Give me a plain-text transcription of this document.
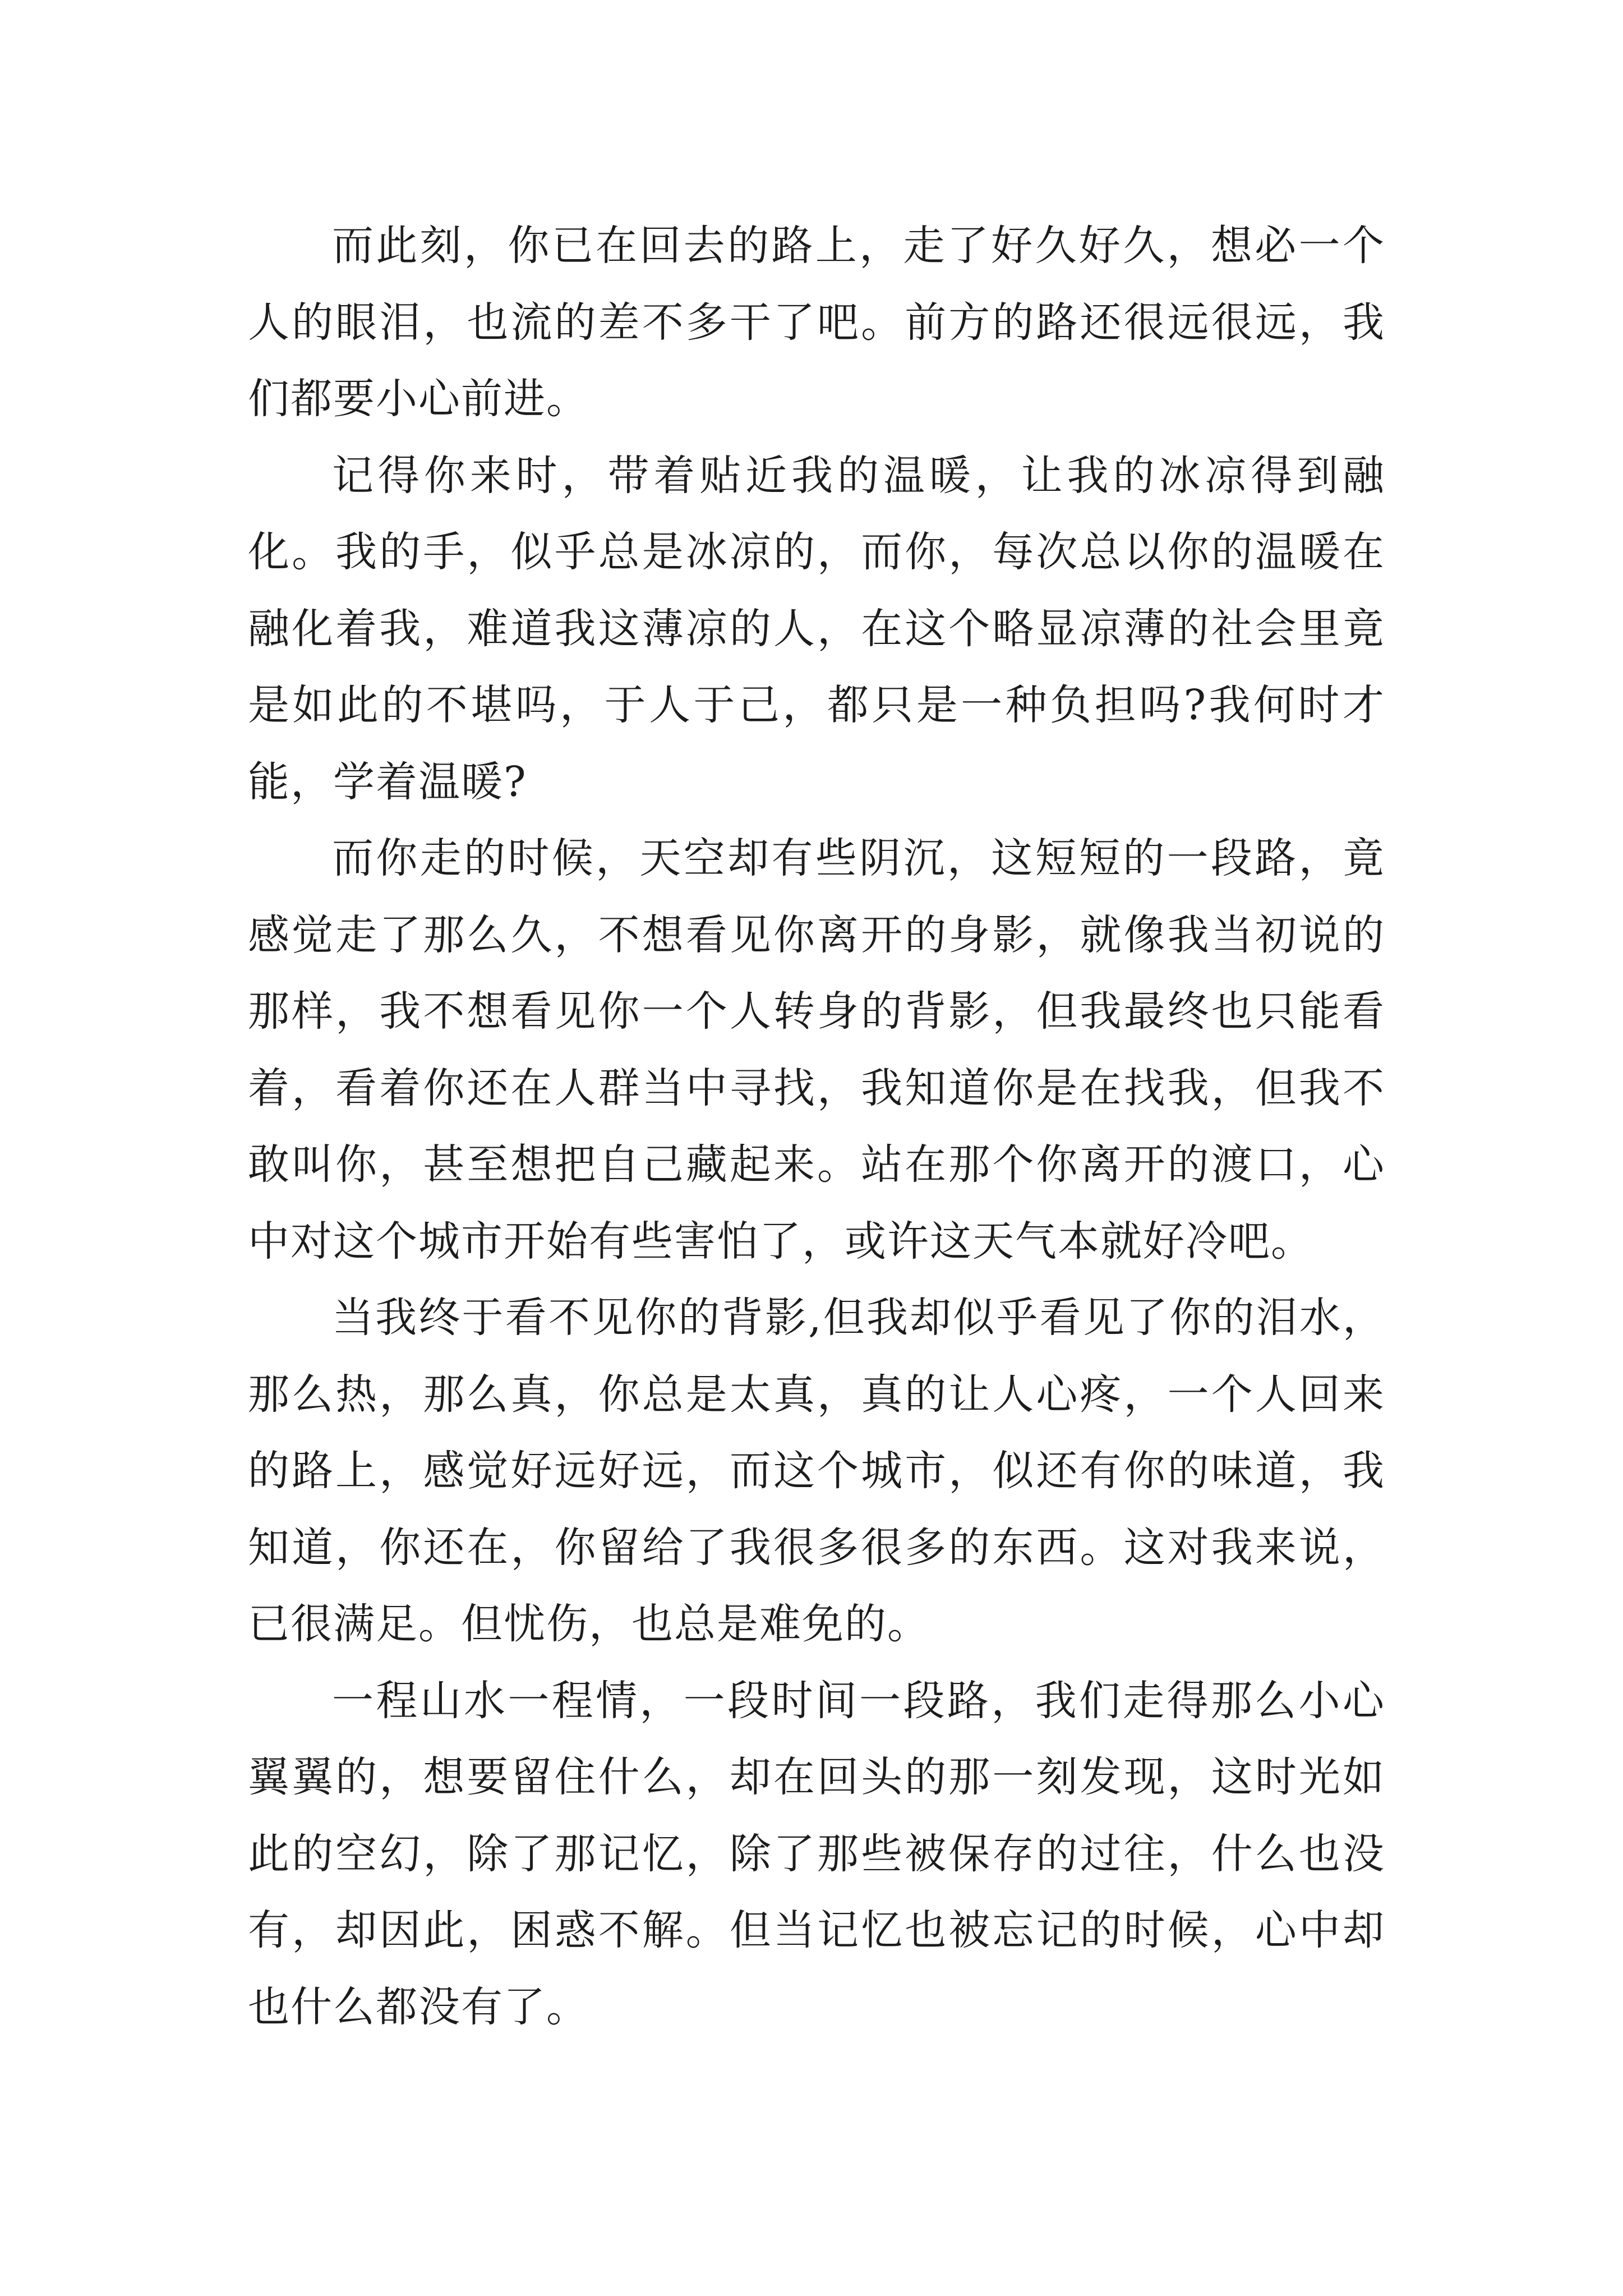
而此刻，你已在回去的路上，走了好久好久，想必一个人的眼泪，也流的差不多干了吧。前方的路还很远很远，我们都要小心前进。

记得你来时，带着贴近我的温暖，让我的冰凉得到融化。我的手，似乎总是冰凉的，而你，每次总以你的温暖在融化着我，难道我这薄凉的人，在这个略显凉薄的社会里竟是如此的不堪吗，于人于己，都只是一种负担吗?我何时才能，学着温暖?

而你走的时候，天空却有些阴沉，这短短的一段路，竟感觉走了那么久，不想看见你离开的身影，就像我当初说的那样，我不想看见你一个人转身的背影，但我最终也只能看着，看着你还在人群当中寻找，我知道你是在找我，但我不敢叫你，甚至想把自己藏起来。站在那个你离开的渡口，心中对这个城市开始有些害怕了，或许这天气本就好冷吧。

当我终于看不见你的背影,但我却似乎看见了你的泪水，那么热，那么真，你总是太真，真的让人心疼，一个人回来的路上，感觉好远好远，而这个城市，似还有你的味道，我知道，你还在，你留给了我很多很多的东西。这对我来说，已很满足。但忧伤，也总是难免的。

一程山水一程情，一段时间一段路，我们走得那么小心翼翼的，想要留住什么，却在回头的那一刻发现，这时光如此的空幻，除了那记忆，除了那些被保存的过往，什么也没有，却因此，困惑不解。但当记忆也被忘记的时候，心中却也什么都没有了。
